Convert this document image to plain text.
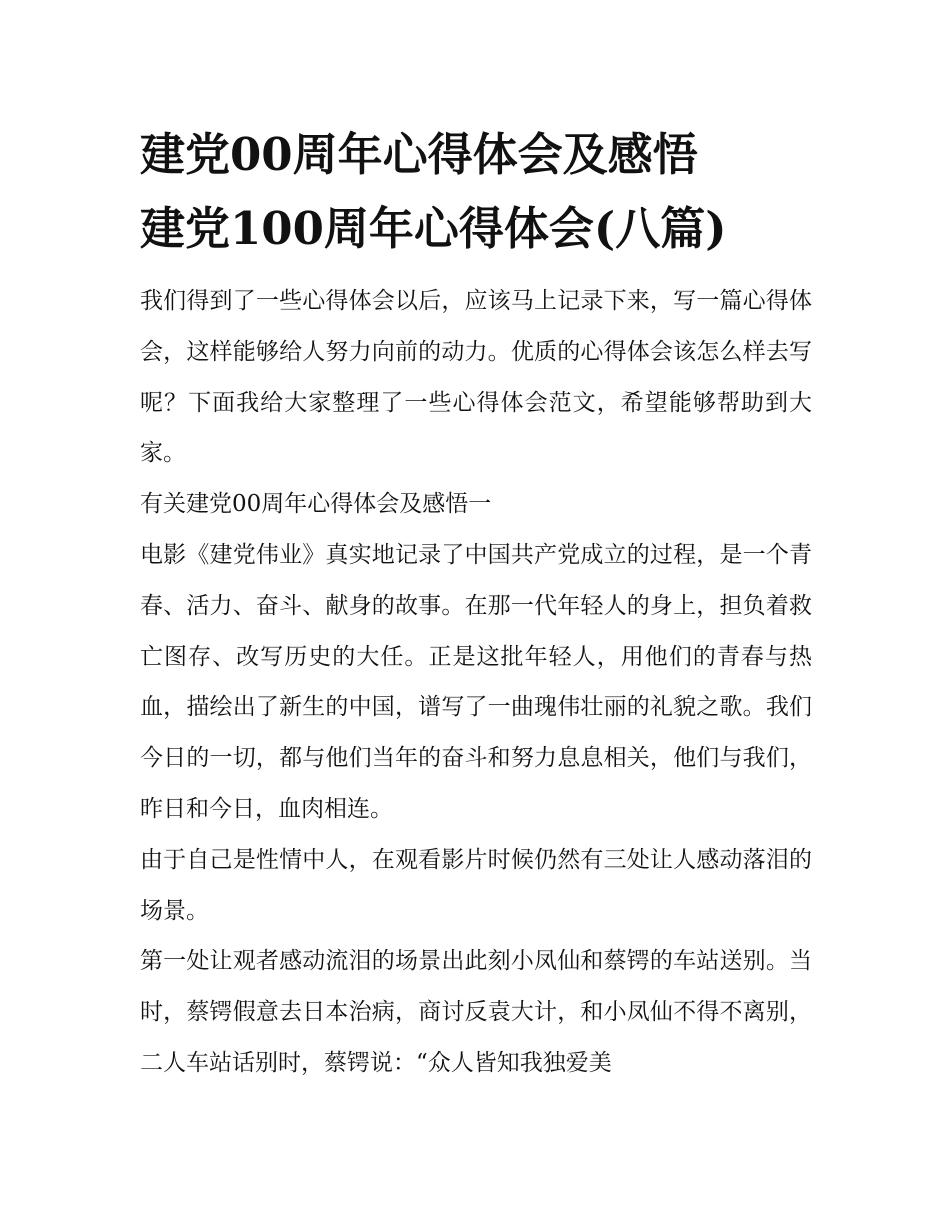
建党00周年心得体会及感悟
建党100周年心得体会(八篇)

我们得到了一些心得体会以后，应该马上记录下来，写一篇心得体会，这样能够给人努力向前的动力。优质的心得体会该怎么样去写呢？下面我给大家整理了一些心得体会范文，希望能够帮助到大家。

有关建党00周年心得体会及感悟一

电影《建党伟业》真实地记录了中国共产党成立的过程，是一个青春、活力、奋斗、献身的故事。在那一代年轻人的身上，担负着救亡图存、改写历史的大任。正是这批年轻人，用他们的青春与热血，描绘出了新生的中国，谱写了一曲瑰伟壮丽的礼貌之歌。我们今日的一切，都与他们当年的奋斗和努力息息相关，他们与我们，昨日和今日，血肉相连。

由于自己是性情中人，在观看影片时候仍然有三处让人感动落泪的场景。

第一处让观者感动流泪的场景出此刻小凤仙和蔡锷的车站送别。当时，蔡锷假意去日本治病，商讨反袁大计，和小凤仙不得不离别，二人车站话别时，蔡锷说：“众人皆知我独爱美
